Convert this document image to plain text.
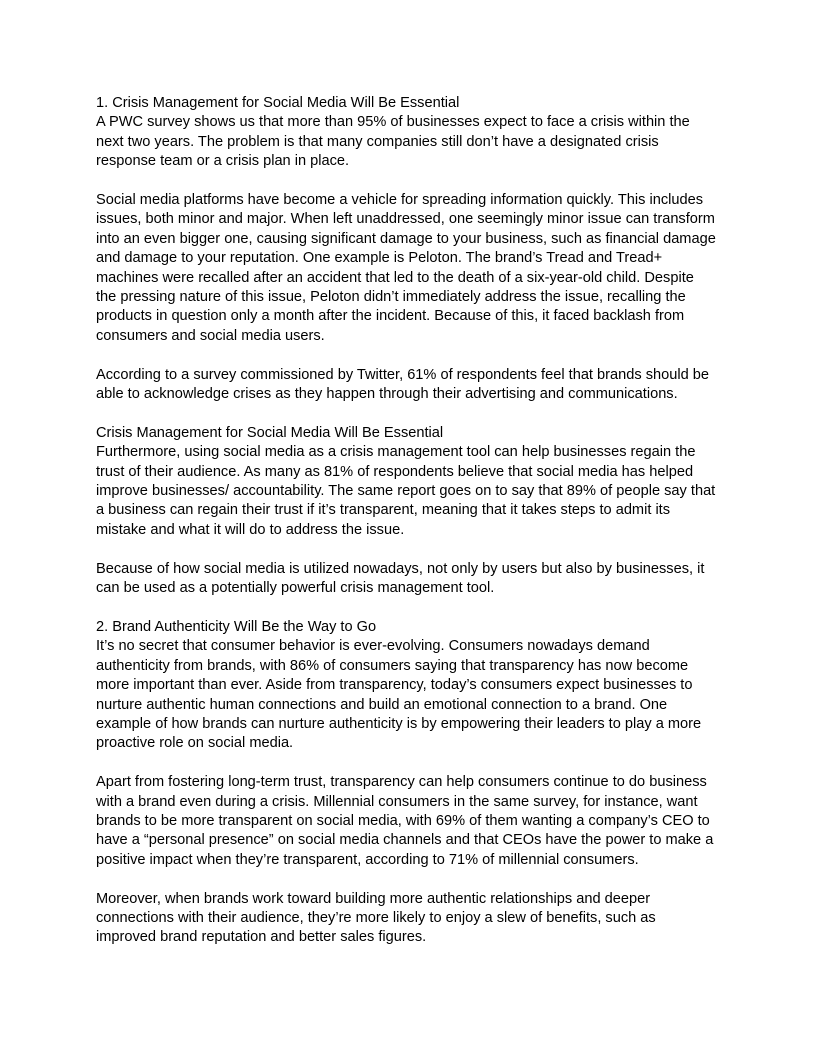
1. Crisis Management for Social Media Will Be Essential
A PWC survey shows us that more than 95% of businesses expect to face a crisis within the
next two years. The problem is that many companies still don’t have a designated crisis
response team or a crisis plan in place.
Social media platforms have become a vehicle for spreading information quickly. This includes
issues, both minor and major. When left unaddressed, one seemingly minor issue can transform
into an even bigger one, causing significant damage to your business, such as financial damage
and damage to your reputation. One example is Peloton. The brand’s Tread and Tread+
machines were recalled after an accident that led to the death of a six-year-old child. Despite
the pressing nature of this issue, Peloton didn’t immediately address the issue, recalling the
products in question only a month after the incident. Because of this, it faced backlash from
consumers and social media users.
According to a survey commissioned by Twitter, 61% of respondents feel that brands should be
able to acknowledge crises as they happen through their advertising and communications.
Crisis Management for Social Media Will Be Essential
Furthermore, using social media as a crisis management tool can help businesses regain the
trust of their audience. As many as 81% of respondents believe that social media has helped
improve businesses/ accountability. The same report goes on to say that 89% of people say that
a business can regain their trust if it’s transparent, meaning that it takes steps to admit its
mistake and what it will do to address the issue.
Because of how social media is utilized nowadays, not only by users but also by businesses, it
can be used as a potentially powerful crisis management tool.
2. Brand Authenticity Will Be the Way to Go
It’s no secret that consumer behavior is ever-evolving. Consumers nowadays demand
authenticity from brands, with 86% of consumers saying that transparency has now become
more important than ever. Aside from transparency, today’s consumers expect businesses to
nurture authentic human connections and build an emotional connection to a brand. One
example of how brands can nurture authenticity is by empowering their leaders to play a more
proactive role on social media.
Apart from fostering long-term trust, transparency can help consumers continue to do business
with a brand even during a crisis. Millennial consumers in the same survey, for instance, want
brands to be more transparent on social media, with 69% of them wanting a company’s CEO to
have a “personal presence” on social media channels and that CEOs have the power to make a
positive impact when they’re transparent, according to 71% of millennial consumers.
Moreover, when brands work toward building more authentic relationships and deeper
connections with their audience, they’re more likely to enjoy a slew of benefits, such as
improved brand reputation and better sales figures.
